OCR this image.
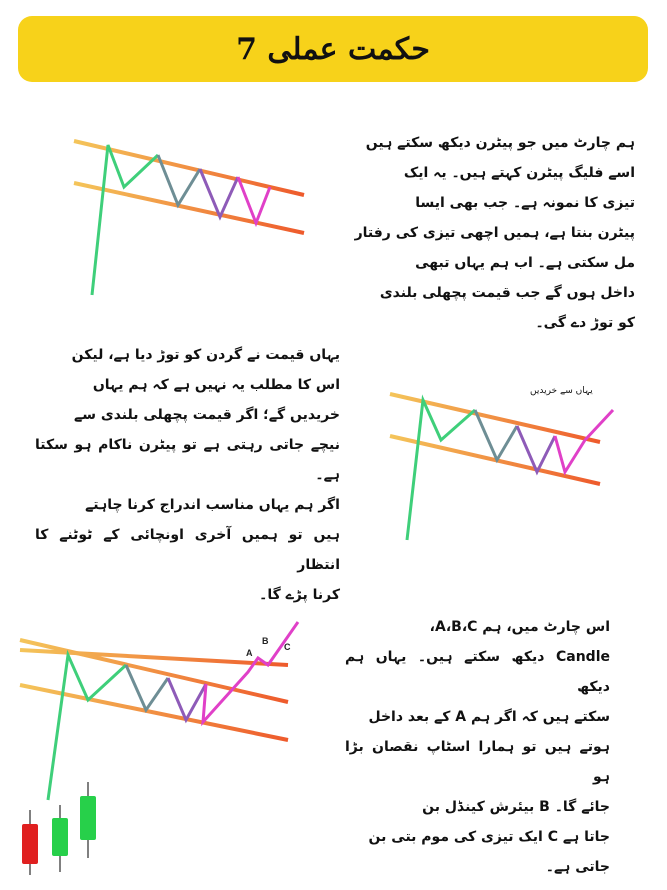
حکمت عملی 7

ہم چارٹ میں جو پیٹرن دیکھ سکتے ہیں

اسے فلیگ پیٹرن کہتے ہیں۔ یہ ایک

تیزی کا نمونہ ہے۔ جب بھی ایسا

پیٹرن بنتا ہے، ہمیں اچھی تیزی کی رفتار

مل سکتی ہے۔ اب ہم یہاں تبھی

داخل ہوں گے جب قیمت پچھلی بلندی

کو توڑ دے گی۔

یہاں قیمت نے گردن کو توڑ دیا ہے، لیکن

اس کا مطلب یہ نہیں ہے کہ ہم یہاں

خریدیں گے؛ اگر قیمت پچھلی بلندی سے

نیچے جاتی رہتی ہے تو پیٹرن ناکام ہو سکتا ہے۔

اگر ہم یہاں مناسب اندراج کرنا چاہتے

ہیں تو ہمیں آخری اونچائی کے ٹوٹنے کا انتظار

کرنا پڑے گا۔

یہاں سے خریدیں
A
B
C

اس چارٹ میں، ہم A،B،C،

Candle دیکھ سکتے ہیں۔ یہاں ہم دیکھ

سکتے ہیں کہ اگر ہم A کے بعد داخل

ہوتے ہیں تو ہمارا اسٹاپ نقصان بڑا ہو

جائے گا۔ B بیئرش کینڈل بن

جاتا ہے C ایک تیزی کی موم بتی بن

جاتی ہے۔
